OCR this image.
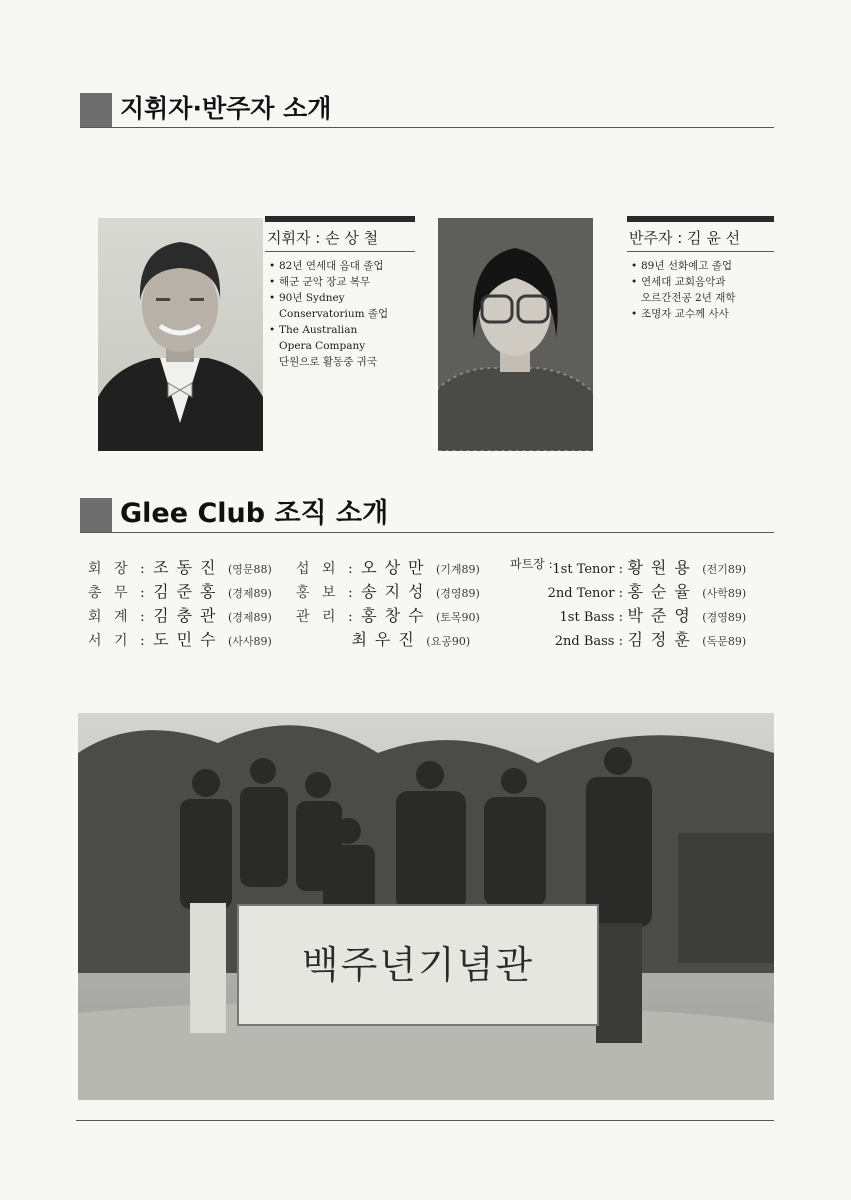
지휘자·반주자 소개
지휘자 : 손 상 철
• 82년 연세대 음대 졸업
• 해군 군악 장교 복무
• 90년 Sydney
Conservatorium 졸업
• The Australian
Opera Company
단원으로 활동중 귀국
반주자 : 김 윤 선
• 89년 선화예고 졸업
• 연세대 교회음악과
오르간전공 2년 재학
• 조명자 교수께 사사
Glee Club 조직 소개
회 장 : 조동진 (영문88)
총 무 : 김준홍 (경제89)
회 계 : 김충관 (경제89)
서 기 : 도민수 (사사89)
섭 외 : 오상만 (기계89)
홍 보 : 송지성 (경영89)
관 리 : 홍창수 (토목90)
최우진 (요공90)
파트장 : 1st Tenor : 황원용 (전기89)
2nd Tenor : 홍순율 (사학89)
1st Bass : 박준영 (경영89)
2nd Bass : 김정훈 (독문89)
백주년기념관
